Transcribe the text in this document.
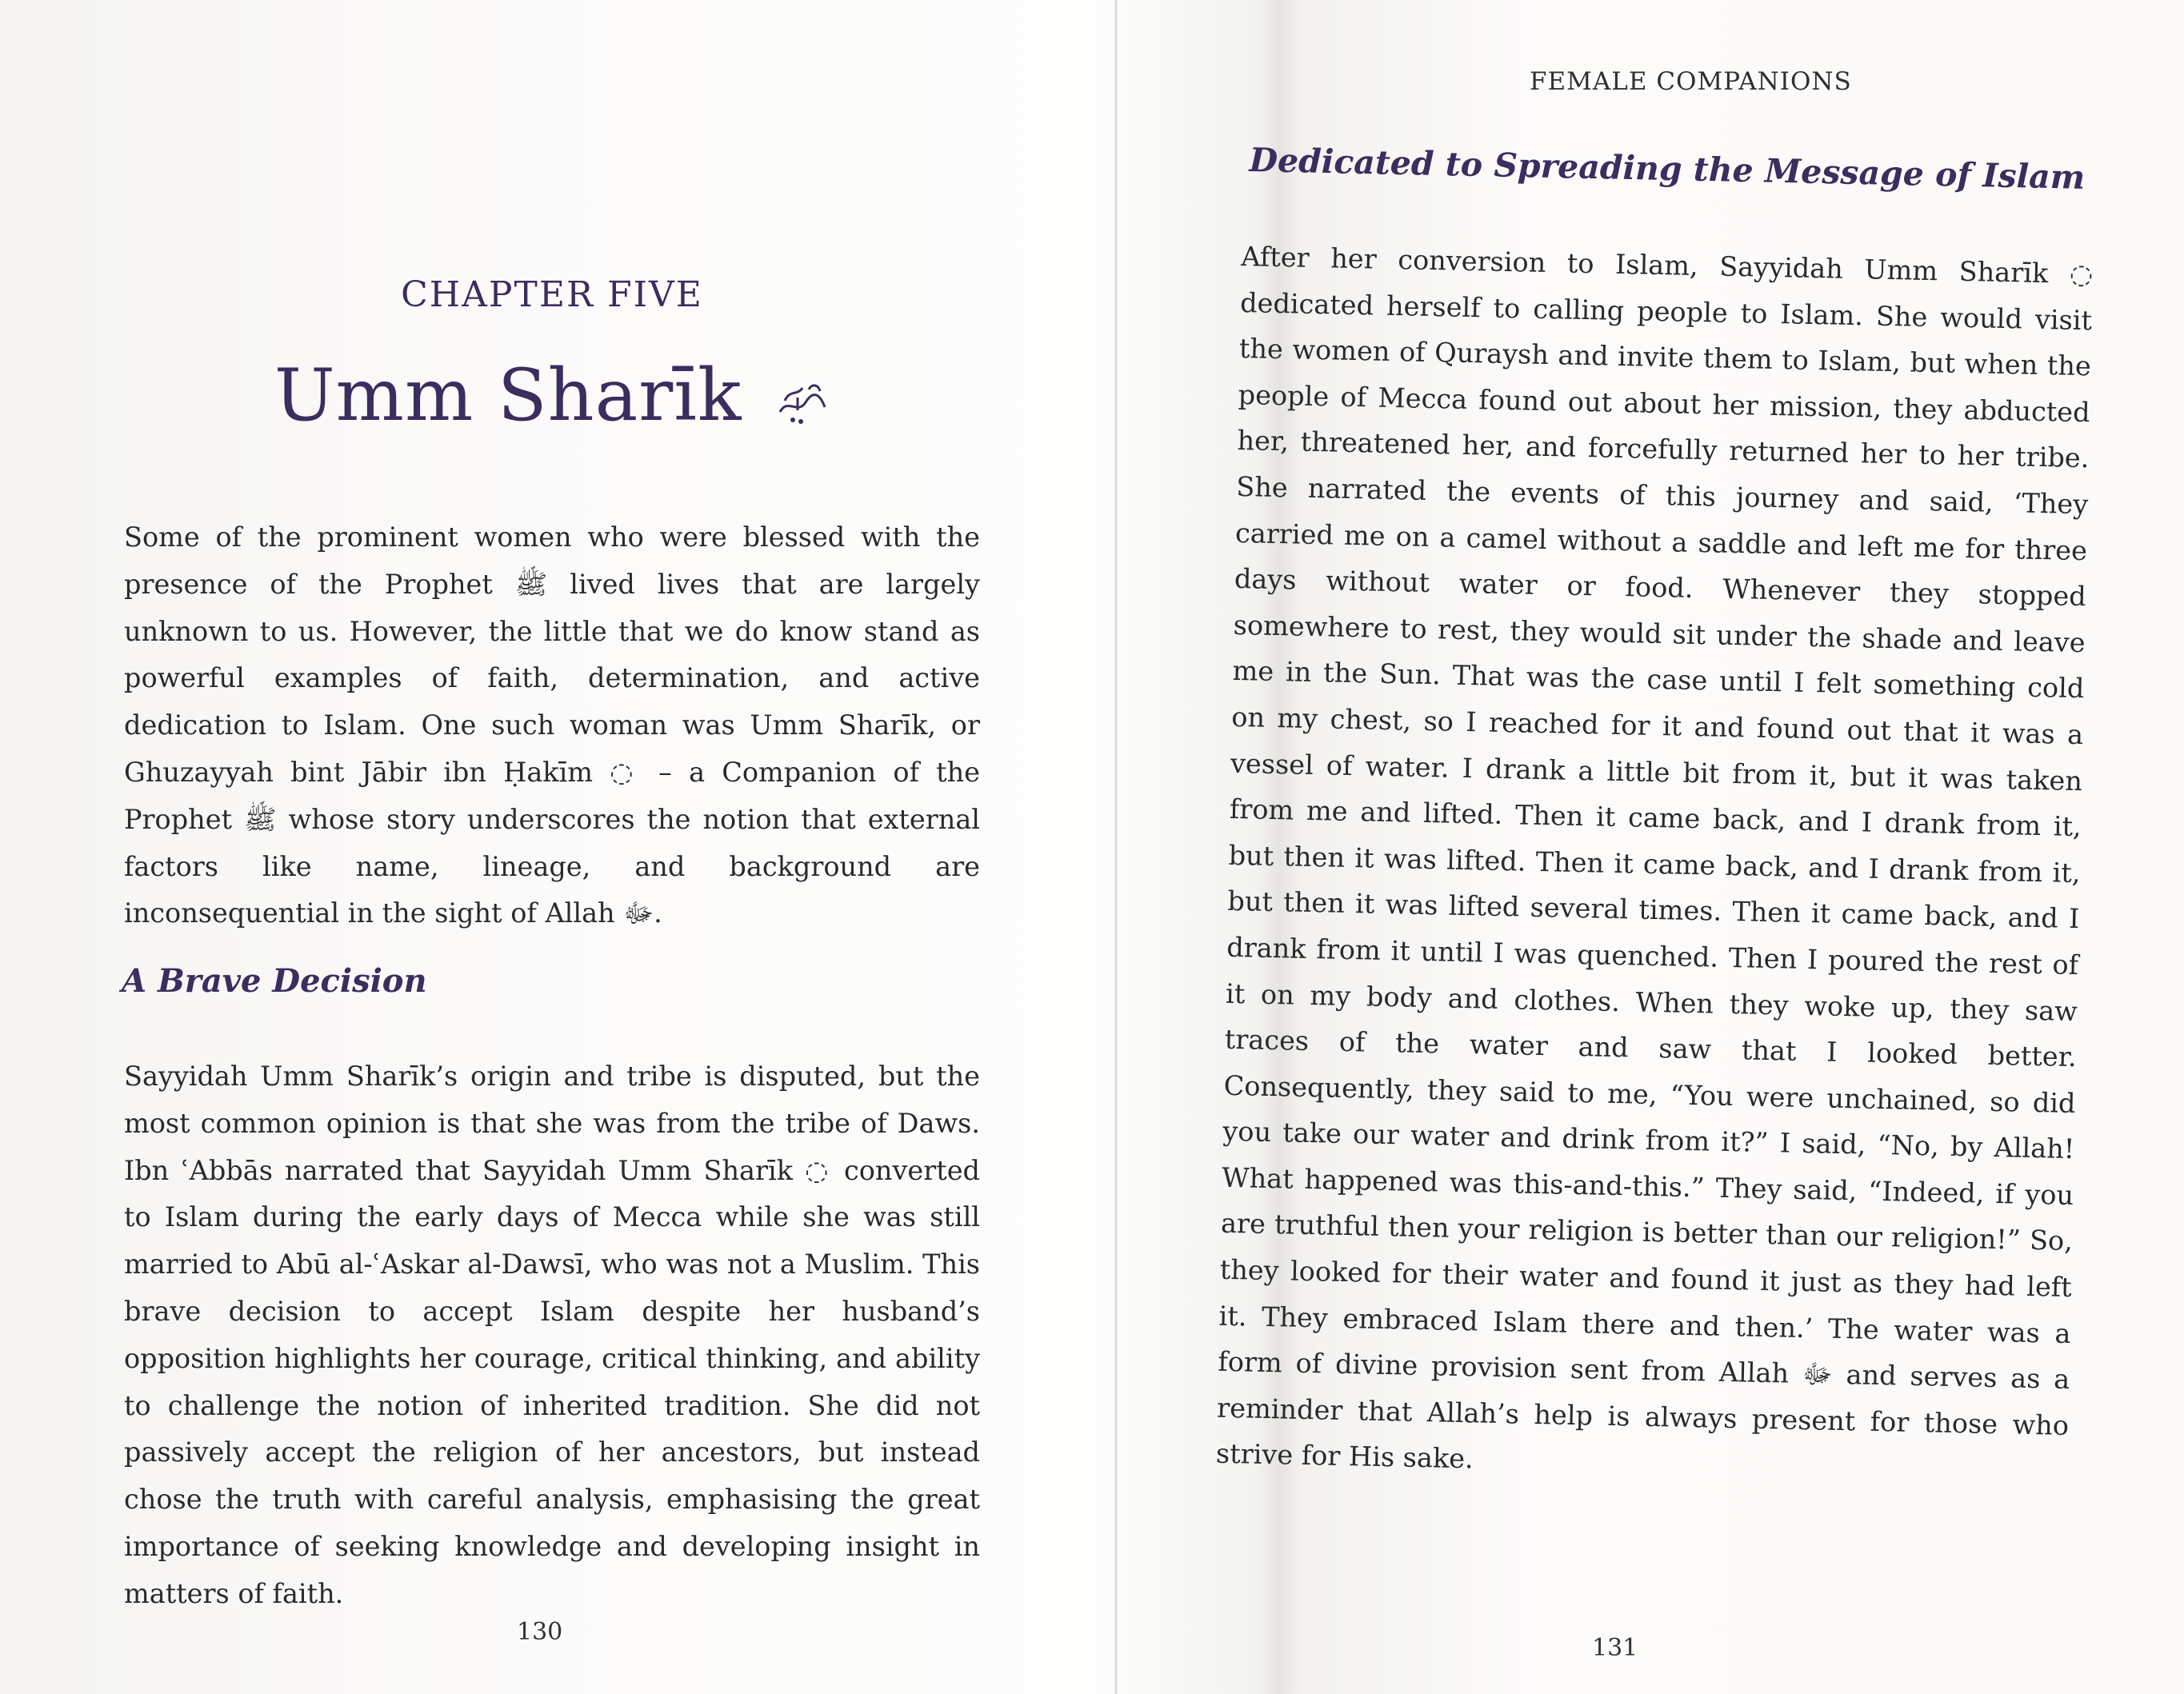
CHAPTER FIVE
Umm Sharīk
Some of the prominent women who were blessed with the presence of the Prophet ﷺ lived lives that are largely unknown to us. However, the little that we do know stand as powerful examples of faith, determination, and active dedication to Islam. One such woman was Umm Sharīk, or Ghuzayyah bint Jābir ibn Ḥakīm ◌ – a Companion of the Prophet ﷺ whose story underscores the notion that external factors like name, lineage, and background are inconsequential in the sight of Allah ﷻ.
A Brave Decision
Sayyidah Umm Sharīk’s origin and tribe is disputed, but the most common opinion is that she was from the tribe of Daws. Ibn ʿAbbās narrated that Sayyidah Umm Sharīk ◌ converted to Islam during the early days of Mecca while she was still married to Abū al-ʿAskar al-Dawsī, who was not a Muslim. This brave decision to accept Islam despite her husband’s opposition highlights her courage, critical thinking, and ability to challenge the notion of inherited tradition. She did not passively accept the religion of her ancestors, but instead chose the truth with careful analysis, emphasising the great importance of seeking knowledge and developing insight in matters of faith.
130
FEMALE COMPANIONS
Dedicated to Spreading the Message of Islam
After her conversion to Islam, Sayyidah Umm Sharīk ◌ dedicated herself to calling people to Islam. She would visit the women of Quraysh and invite them to Islam, but when the people of Mecca found out about her mission, they abducted her, threatened her, and forcefully returned her to her tribe. She narrated the events of this journey and said, ‘They carried me on a camel without a saddle and left me for three days without water or food. Whenever they stopped somewhere to rest, they would sit under the shade and leave me in the Sun. That was the case until I felt something cold on my chest, so I reached for it and found out that it was a vessel of water. I drank a little bit from it, but it was taken from me and lifted. Then it came back, and I drank from it, but then it was lifted. Then it came back, and I drank from it, but then it was lifted several times. Then it came back, and I drank from it until I was quenched. Then I poured the rest of it on my body and clothes. When they woke up, they saw traces of the water and saw that I looked better. Consequently, they said to me, “You were unchained, so did you take our water and drink from it?” I said, “No, by Allah! What happened was this-and-this.” They said, “Indeed, if you are truthful then your religion is better than our religion!” So, they looked for their water and found it just as they had left it. They embraced Islam there and then.’ The water was a form of divine provision sent from Allah ﷻ and serves as a reminder that Allah’s help is always present for those who strive for His sake.
131
